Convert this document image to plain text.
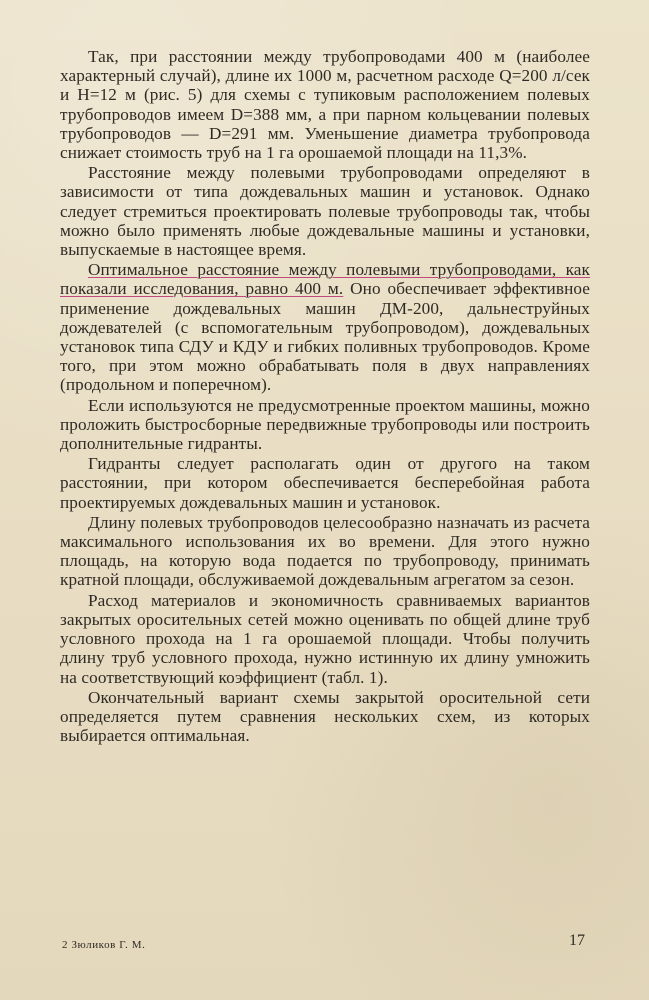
Так, при расстоянии между трубопроводами 400 м (наиболее характерный случай), длине их 1000 м, расчетном расходе Q=200 л/сек и H=12 м (рис. 5) для схемы с тупиковым расположением полевых трубопроводов имеем D=388 мм, а при парном кольцевании полевых трубопроводов — D=291 мм. Уменьшение диаметра трубопровода снижает стоимость труб на 1 га орошаемой площади на 11,3%.

Расстояние между полевыми трубопроводами определяют в зависимости от типа дождевальных машин и установок. Однако следует стремиться проектировать полевые трубопроводы так, чтобы можно было применять любые дождевальные машины и установки, выпускаемые в настоящее время.

Оптимальное расстояние между полевыми трубопроводами, как показали исследования, равно 400 м. Оно обеспечивает эффективное применение дождевальных машин ДМ-200, дальнеструйных дождевателей (с вспомогательным трубопроводом), дождевальных установок типа СДУ и КДУ и гибких поливных трубопроводов. Кроме того, при этом можно обрабатывать поля в двух направлениях (продольном и поперечном).

Если используются не предусмотренные проектом машины, можно проложить быстросборные передвижные трубопроводы или построить дополнительные гидранты.

Гидранты следует располагать один от другого на таком расстоянии, при котором обеспечивается бесперебойная работа проектируемых дождевальных машин и установок.

Длину полевых трубопроводов целесообразно назначать из расчета максимального использования их во времени. Для этого нужно площадь, на которую вода подается по трубопроводу, принимать кратной площади, обслуживаемой дождевальным агрегатом за сезон.

Расход материалов и экономичность сравниваемых вариантов закрытых оросительных сетей можно оценивать по общей длине труб условного прохода на 1 га орошаемой площади. Чтобы получить длину труб условного прохода, нужно истинную их длину умножить на соответствующий коэффициент (табл. 1).

Окончательный вариант схемы закрытой оросительной сети определяется путем сравнения нескольких схем, из которых выбирается оптимальная.

2 Зюликов Г. М.	17
